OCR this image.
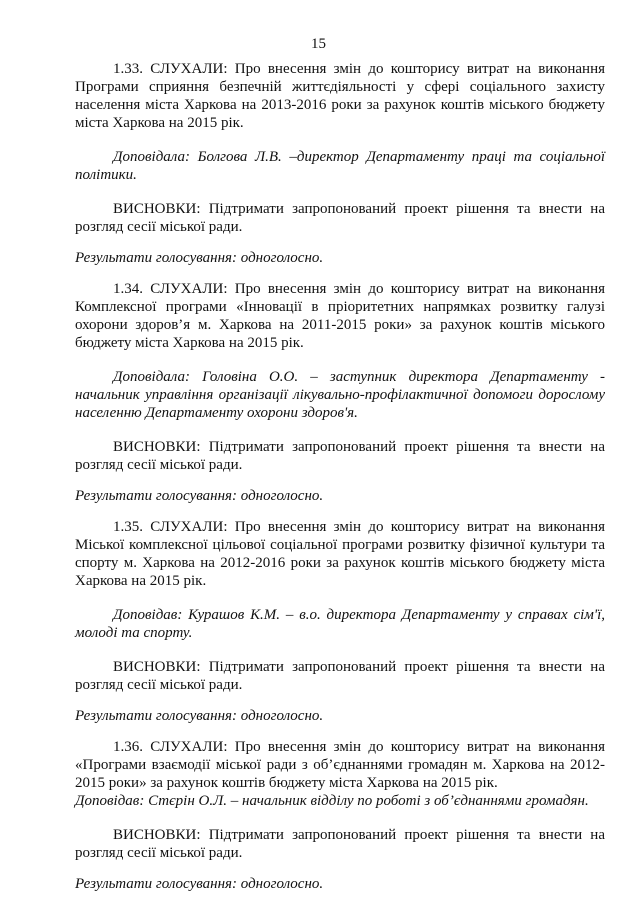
15

1.33. СЛУХАЛИ: Про внесення змін до кошторису витрат на виконання Програми сприяння безпечній життєдіяльності у сфері соціального захисту населення міста Харкова на 2013-2016 роки за рахунок коштів міського бюджету міста Харкова на 2015 рік.

Доповідала: Болгова Л.В. –директор Департаменту праці та соціальної політики.

ВИСНОВКИ: Підтримати запропонований проект рішення та внести на розгляд сесії міської ради.

Результати голосування: одноголосно.

1.34. СЛУХАЛИ: Про внесення змін до кошторису витрат на виконання Комплексної програми «Інновації в пріоритетних напрямках розвитку галузі охорони здоров’я м. Харкова на 2011-2015 роки» за рахунок коштів міського бюджету міста Харкова на 2015 рік.

Доповідала: Головіна О.О. – заступник директора Департаменту - начальник управління організації лікувально-профілактичної допомоги дорослому населенню Департаменту охорони здоров'я.

ВИСНОВКИ: Підтримати запропонований проект рішення та внести на розгляд сесії міської ради.

Результати голосування: одноголосно.

1.35. СЛУХАЛИ: Про внесення змін до кошторису витрат на виконання Міської комплексної цільової соціальної програми розвитку фізичної культури та спорту м. Харкова на 2012-2016 роки за рахунок коштів міського бюджету міста Харкова на 2015 рік.

Доповідав: Курашов К.М. – в.о. директора Департаменту у справах сім'ї, молоді та спорту.

ВИСНОВКИ: Підтримати запропонований проект рішення та внести на розгляд сесії міської ради.

Результати голосування: одноголосно.

1.36. СЛУХАЛИ: Про внесення змін до кошторису витрат на виконання «Програми взаємодії міської ради з об’єднаннями громадян м. Харкова на 2012-2015 роки» за рахунок коштів бюджету міста Харкова на 2015 рік.

Доповідав: Стєрін О.Л. – начальник відділу по роботі з об’єднаннями громадян.

ВИСНОВКИ: Підтримати запропонований проект рішення та внести на розгляд сесії міської ради.

Результати голосування: одноголосно.
